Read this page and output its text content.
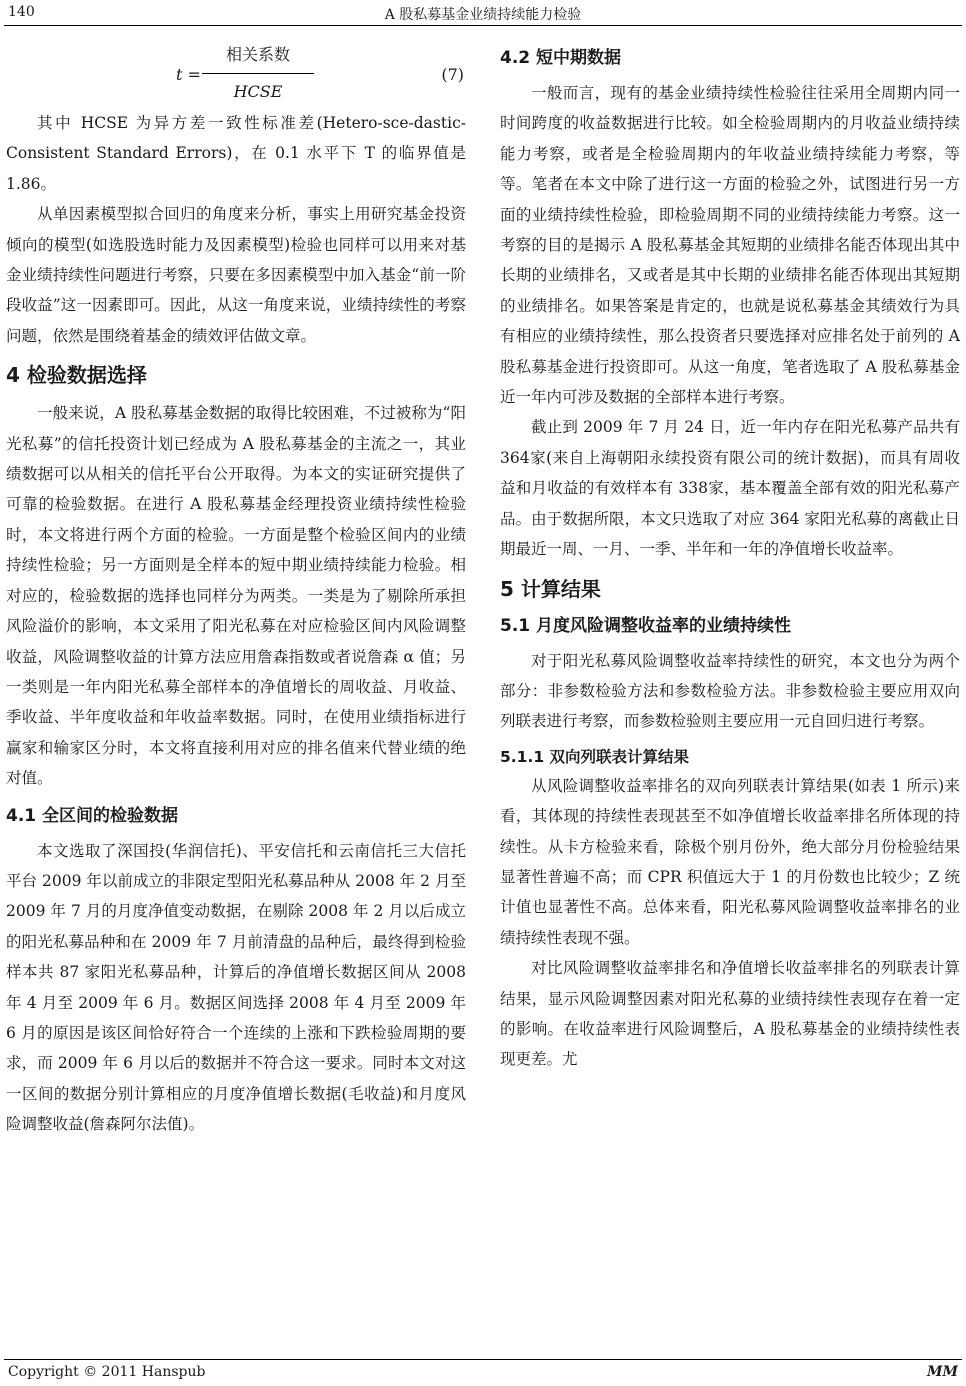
140	A 股私募基金业绩持续能力检验
t =
相关系数
HCSE
(7)

其中 HCSE 为异方差一致性标准差(Hetero-sce-dastic-Consistent Standard Errors)，在 0.1 水平下 T 的临界值是 1.86。

从单因素模型拟合回归的角度来分析，事实上用研究基金投资倾向的模型(如选股选时能力及因素模型)检验也同样可以用来对基金业绩持续性问题进行考察，只要在多因素模型中加入基金“前一阶段收益”这一因素即可。因此，从这一角度来说，业绩持续性的考察问题，依然是围绕着基金的绩效评估做文章。

4 检验数据选择

一般来说，A 股私募基金数据的取得比较困难，不过被称为“阳光私募”的信托投资计划已经成为 A 股私募基金的主流之一，其业绩数据可以从相关的信托平台公开取得。为本文的实证研究提供了可靠的检验数据。在进行 A 股私募基金经理投资业绩持续性检验时，本文将进行两个方面的检验。一方面是整个检验区间内的业绩持续性检验；另一方面则是全样本的短中期业绩持续能力检验。相对应的，检验数据的选择也同样分为两类。一类是为了剔除所承担风险溢价的影响，本文采用了阳光私募在对应检验区间内风险调整收益，风险调整收益的计算方法应用詹森指数或者说詹森 α 值；另一类则是一年内阳光私募全部样本的净值增长的周收益、月收益、季收益、半年度收益和年收益率数据。同时，在使用业绩指标进行赢家和输家区分时，本文将直接利用对应的排名值来代替业绩的绝对值。

4.1 全区间的检验数据

本文选取了深国投(华润信托)、平安信托和云南信托三大信托平台 2009 年以前成立的非限定型阳光私募品种从 2008 年 2 月至 2009 年 7 月的月度净值变动数据，在剔除 2008 年 2 月以后成立的阳光私募品种和在 2009 年 7 月前清盘的品种后，最终得到检验样本共 87 家阳光私募品种，计算后的净值增长数据区间从 2008 年 4 月至 2009 年 6 月。数据区间选择 2008 年 4 月至 2009 年 6 月的原因是该区间恰好符合一个连续的上涨和下跌检验周期的要求，而 2009 年 6 月以后的数据并不符合这一要求。同时本文对这一区间的数据分别计算相应的月度净值增长数据(毛收益)和月度风险调整收益(詹森阿尔法值)。

4.2 短中期数据

一般而言，现有的基金业绩持续性检验往往采用全周期内同一时间跨度的收益数据进行比较。如全检验周期内的月收益业绩持续能力考察，或者是全检验周期内的年收益业绩持续能力考察，等等。笔者在本文中除了进行这一方面的检验之外，试图进行另一方面的业绩持续性检验，即检验周期不同的业绩持续能力考察。这一考察的目的是揭示 A 股私募基金其短期的业绩排名能否体现出其中长期的业绩排名，又或者是其中长期的业绩排名能否体现出其短期的业绩排名。如果答案是肯定的，也就是说私募基金其绩效行为具有相应的业绩持续性，那么投资者只要选择对应排名处于前列的 A 股私募基金进行投资即可。从这一角度，笔者选取了 A 股私募基金近一年内可涉及数据的全部样本进行考察。

截止到 2009 年 7 月 24 日，近一年内存在阳光私募产品共有364家(来自上海朝阳永续投资有限公司的统计数据)，而具有周收益和月收益的有效样本有 338家，基本覆盖全部有效的阳光私募产品。由于数据所限，本文只选取了对应 364 家阳光私募的离截止日期最近一周、一月、一季、半年和一年的净值增长收益率。

5 计算结果
5.1 月度风险调整收益率的业绩持续性

对于阳光私募风险调整收益率持续性的研究，本文也分为两个部分：非参数检验方法和参数检验方法。非参数检验主要应用双向列联表进行考察，而参数检验则主要应用一元自回归进行考察。

5.1.1 双向列联表计算结果

从风险调整收益率排名的双向列联表计算结果(如表 1 所示)来看，其体现的持续性表现甚至不如净值增长收益率排名所体现的持续性。从卡方检验来看，除极个别月份外，绝大部分月份检验结果显著性普遍不高；而 CPR 积值远大于 1 的月份数也比较少；Z 统计值也显著性不高。总体来看，阳光私募风险调整收益率排名的业绩持续性表现不强。

对比风险调整收益率排名和净值增长收益率排名的列联表计算结果，显示风险调整因素对阳光私募的业绩持续性表现存在着一定的影响。在收益率进行风险调整后，A 股私募基金的业绩持续性表现更差。尤

Copyright © 2011 Hanspub	MM
